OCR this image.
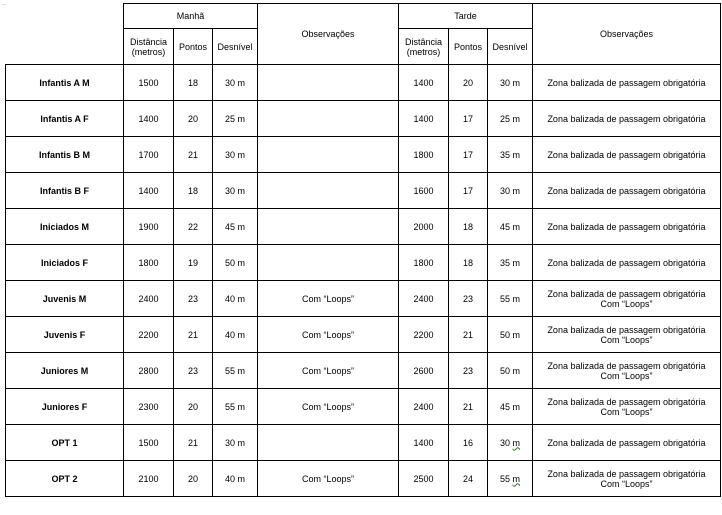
..
	Manhã			Observações	Tarde			Observações

	Distância
(metros)	Pontos	Desnível		Distância
(metros)	Pontos	Desnível	
Infantis A M	1500	18	30 m		1400	20	30 m	Zona balizada de passagem obrigatória

Infantis A F	1400	20	25 m		1400	17	25 m	Zona balizada de passagem obrigatória

Infantis B M	1700	21	30 m		1800	17	35 m	Zona balizada de passagem obrigatória

Infantis B F	1400	18	30 m		1600	17	30 m	Zona balizada de passagem obrigatória

Iniciados M	1900	22	45 m		2000	18	45 m	Zona balizada de passagem obrigatória

Iniciados F	1800	19	50 m		1800	18	35 m	Zona balizada de passagem obrigatória

Juvenis M	2400	23	40 m	Com “Loops”	2400	23	55 m	Zona balizada de passagem obrigatória
Com “Loops”

Juvenis F	2200	21	40 m	Com “Loops”	2200	21	50 m	Zona balizada de passagem obrigatória
Com “Loops”

Juniores M	2800	23	55 m	Com “Loops”	2600	23	50 m	Zona balizada de passagem obrigatória
Com “Loops”

Juniores F	2300	20	55 m	Com “Loops”	2400	21	45 m	Zona balizada de passagem obrigatória
Com “Loops”

OPT 1	1500	21	30 m		1400	16	30 m	Zona balizada de passagem obrigatória

OPT 2	2100	20	40 m	Com “Loops”	2500	24	55 m	Zona balizada de passagem obrigatória
Com “Loops”
